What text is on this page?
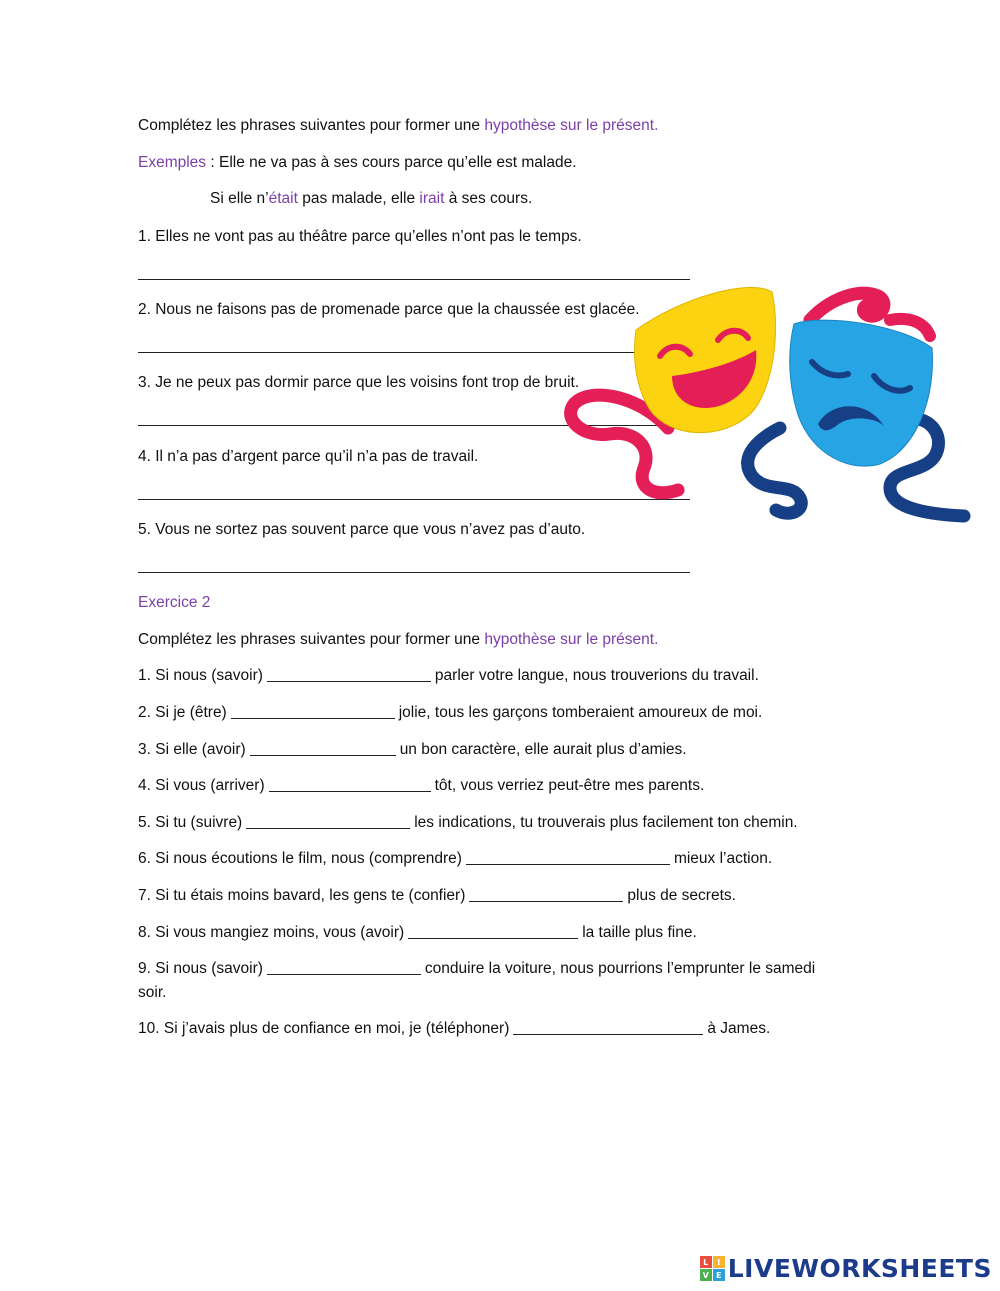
Complétez les phrases suivantes pour former une hypothèse sur le présent.
Exemples : Elle ne va pas à ses cours parce qu’elle est malade.
Si elle n’était pas malade, elle irait à ses cours.
1. Elles ne vont pas au théâtre parce qu’elles n’ont pas le temps.
2. Nous ne faisons pas de promenade parce que la chaussée est glacée.
3. Je ne peux pas dormir parce que les voisins font trop de bruit.
4. Il n’a pas d’argent parce qu’il n’a pas de travail.
5. Vous ne sortez pas souvent parce que vous n’avez pas d’auto.
Exercice 2
Complétez les phrases suivantes pour former une hypothèse sur le présent.
1. Si nous (savoir)	parler votre langue, nous trouverions du travail.
2. Si je (être)	jolie, tous les garçons tomberaient amoureux de moi.
3. Si elle (avoir)	un bon caractère, elle aurait plus d’amies.
4. Si vous (arriver)	tôt, vous verriez peut-être mes parents.
5. Si tu (suivre)	les indications, tu trouverais plus facilement ton chemin.
6. Si nous écoutions le film, nous (comprendre)	mieux l’action.
7. Si tu étais moins bavard, les gens te (confier)	plus de secrets.
8. Si vous mangiez moins, vous (avoir)	la taille plus fine.
9. Si nous (savoir)	conduire la voiture, nous pourrions l’emprunter le samedi
soir.
10. Si j’avais plus de confiance en moi, je (téléphoner)	à James.
L	I
V E LIVEWORKSHEETS
